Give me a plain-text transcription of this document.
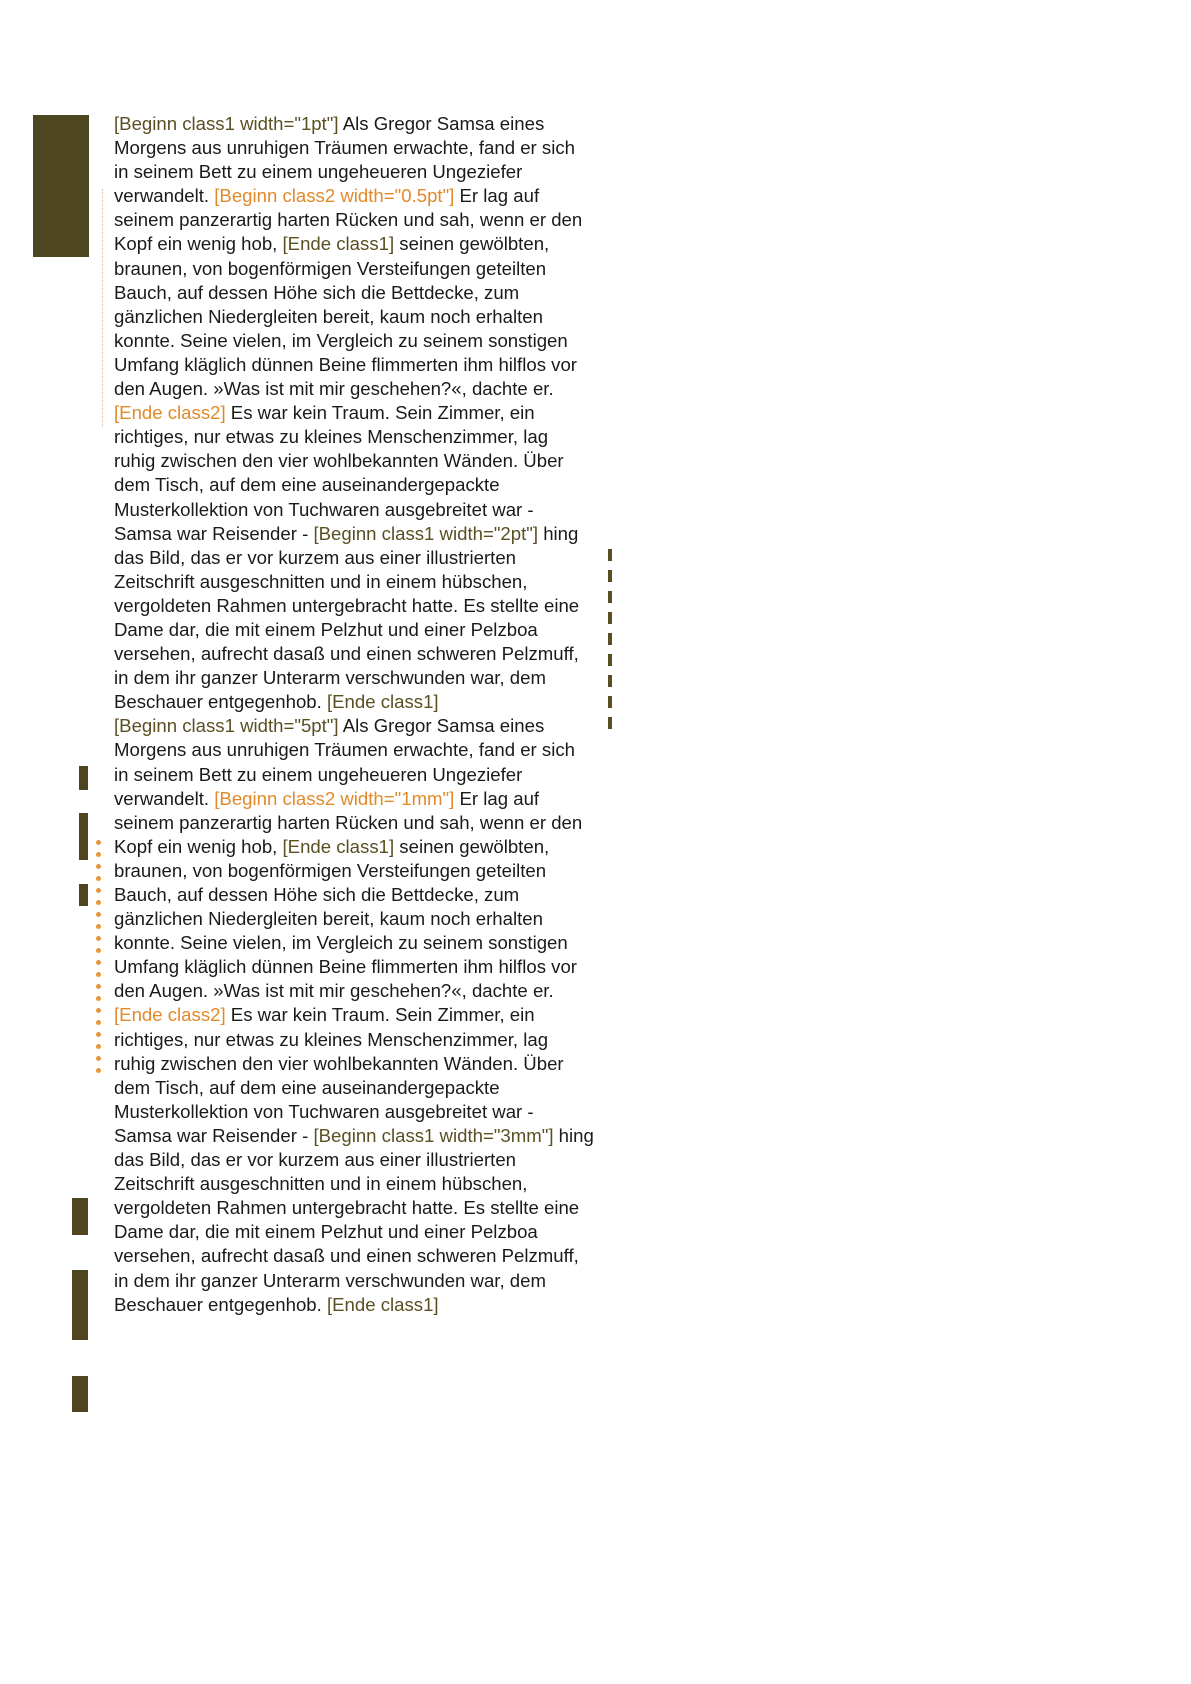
[Beginn class1 width="1pt"] Als Gregor Samsa eines Morgens aus unruhigen Träumen erwachte, fand er sich in seinem Bett zu einem ungeheueren Ungeziefer verwandelt. [Beginn class2 width="0.5pt"] Er lag auf seinem panzerartig harten Rücken und sah, wenn er den Kopf ein wenig hob, [Ende class1] seinen gewölbten, braunen, von bogenförmigen Versteifungen geteilten Bauch, auf dessen Höhe sich die Bettdecke, zum gänzlichen Niedergleiten bereit, kaum noch erhalten konnte. Seine vielen, im Vergleich zu seinem sonstigen Umfang kläglich dünnen Beine flimmerten ihm hilflos vor den Augen. »Was ist mit mir geschehen?«, dachte er. [Ende class2] Es war kein Traum. Sein Zimmer, ein richtiges, nur etwas zu kleines Menschenzimmer, lag ruhig zwischen den vier wohlbekannten Wänden. Über dem Tisch, auf dem eine auseinandergepackte Musterkollektion von Tuchwaren ausgebreitet war - Samsa war Reisender - [Beginn class1 width="2pt"] hing das Bild, das er vor kurzem aus einer illustrierten Zeitschrift ausgeschnitten und in einem hübschen, vergoldeten Rahmen untergebracht hatte. Es stellte eine Dame dar, die mit einem Pelzhut und einer Pelzboa versehen, aufrecht dasaß und einen schweren Pelzmuff, in dem ihr ganzer Unterarm verschwunden war, dem Beschauer entgegenhob. [Ende class1]

[Beginn class1 width="5pt"] Als Gregor Samsa eines Morgens aus unruhigen Träumen erwachte, fand er sich in seinem Bett zu einem ungeheueren Ungeziefer verwandelt. [Beginn class2 width="1mm"] Er lag auf seinem panzerartig harten Rücken und sah, wenn er den Kopf ein wenig hob, [Ende class1] seinen gewölbten, braunen, von bogenförmigen Versteifungen geteilten Bauch, auf dessen Höhe sich die Bettdecke, zum gänzlichen Niedergleiten bereit, kaum noch erhalten konnte. Seine vielen, im Vergleich zu seinem sonstigen Umfang kläglich dünnen Beine flimmerten ihm hilflos vor den Augen. »Was ist mit mir geschehen?«, dachte er. [Ende class2] Es war kein Traum. Sein Zimmer, ein richtiges, nur etwas zu kleines Menschenzimmer, lag ruhig zwischen den vier wohlbekannten Wänden. Über dem Tisch, auf dem eine auseinandergepackte Musterkollektion von Tuchwaren ausgebreitet war - Samsa war Reisender - [Beginn class1 width="3mm"] hing das Bild, das er vor kurzem aus einer illustrierten Zeitschrift ausgeschnitten und in einem hübschen, vergoldeten Rahmen untergebracht hatte. Es stellte eine Dame dar, die mit einem Pelzhut und einer Pelzboa versehen, aufrecht dasaß und einen schweren Pelzmuff, in dem ihr ganzer Unterarm verschwunden war, dem Beschauer entgegenhob. [Ende class1]
